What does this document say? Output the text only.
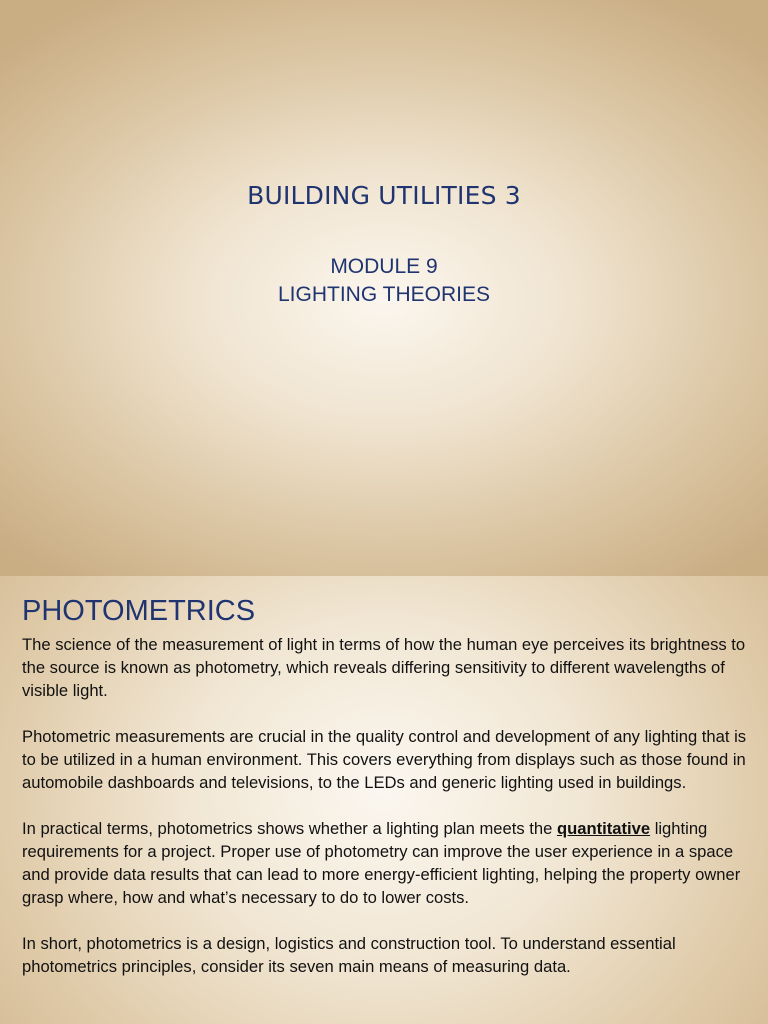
BUILDING UTILITIES 3
MODULE 9
LIGHTING THEORIES
PHOTOMETRICS

The science of the measurement of light in terms of how the human eye perceives its brightness to the source is known as photometry, which reveals differing sensitivity to different wavelengths of visible light.

Photometric measurements are crucial in the quality control and development of any lighting that is to be utilized in a human environment. This covers everything from displays such as those found in automobile dashboards and televisions, to the LEDs and generic lighting used in buildings.

In practical terms, photometrics shows whether a lighting plan meets the quantitative lighting requirements for a project. Proper use of photometry can improve the user experience in a space and provide data results that can lead to more energy-efficient lighting, helping the property owner grasp where, how and what’s necessary to do to lower costs.

In short, photometrics is a design, logistics and construction tool. To understand essential photometrics principles, consider its seven main means of measuring data.
